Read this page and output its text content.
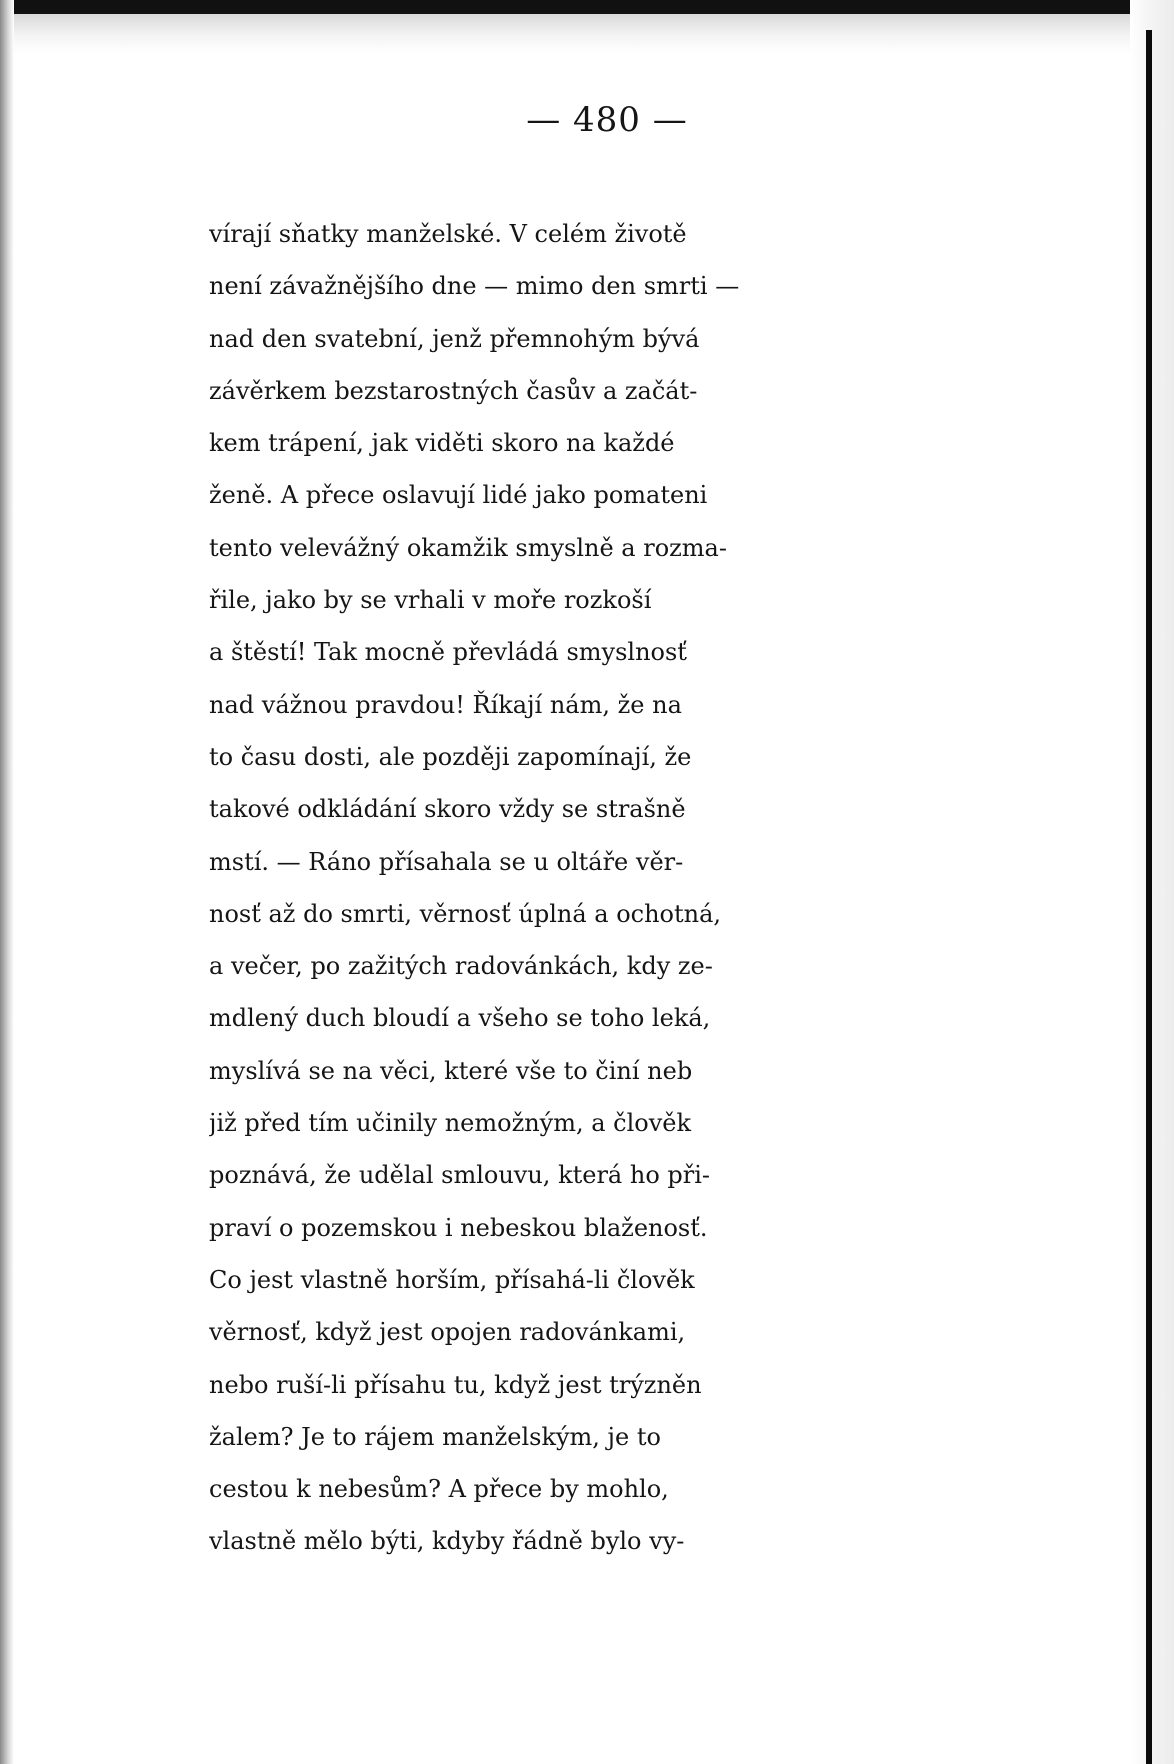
— 480 —
vírají sňatky manželské. V celém životě
není závažnějšího dne — mimo den smrti —
nad den svatební, jenž přemnohým bývá
závěrkem bezstarostných časův a začát-
kem trápení, jak viděti skoro na každé
ženě. A přece oslavují lidé jako pomateni
tento velevážný okamžik smyslně a rozma-
řile, jako by se vrhali v moře rozkoší
a štěstí! Tak mocně převládá smyslnosť
nad vážnou pravdou! Říkají nám, že na
to času dosti, ale později zapomínají, že
takové odkládání skoro vždy se strašně
mstí. — Ráno přísahala se u oltáře věr-
nosť až do smrti, věrnosť úplná a ochotná,
a večer, po zažitých radovánkách, kdy ze-
mdlený duch bloudí a všeho se toho leká,
myslívá se na věci, které vše to činí neb
již před tím učinily nemožným, a člověk
poznává, že udělal smlouvu, která ho při-
praví o pozemskou i nebeskou blaženosť.
Co jest vlastně horším, přísahá-li člověk
věrnosť, když jest opojen radovánkami,
nebo ruší-li přísahu tu, když jest trýzněn
žalem? Je to rájem manželským, je to
cestou k nebesům? A přece by mohlo,
vlastně mělo býti, kdyby řádně bylo vy-
